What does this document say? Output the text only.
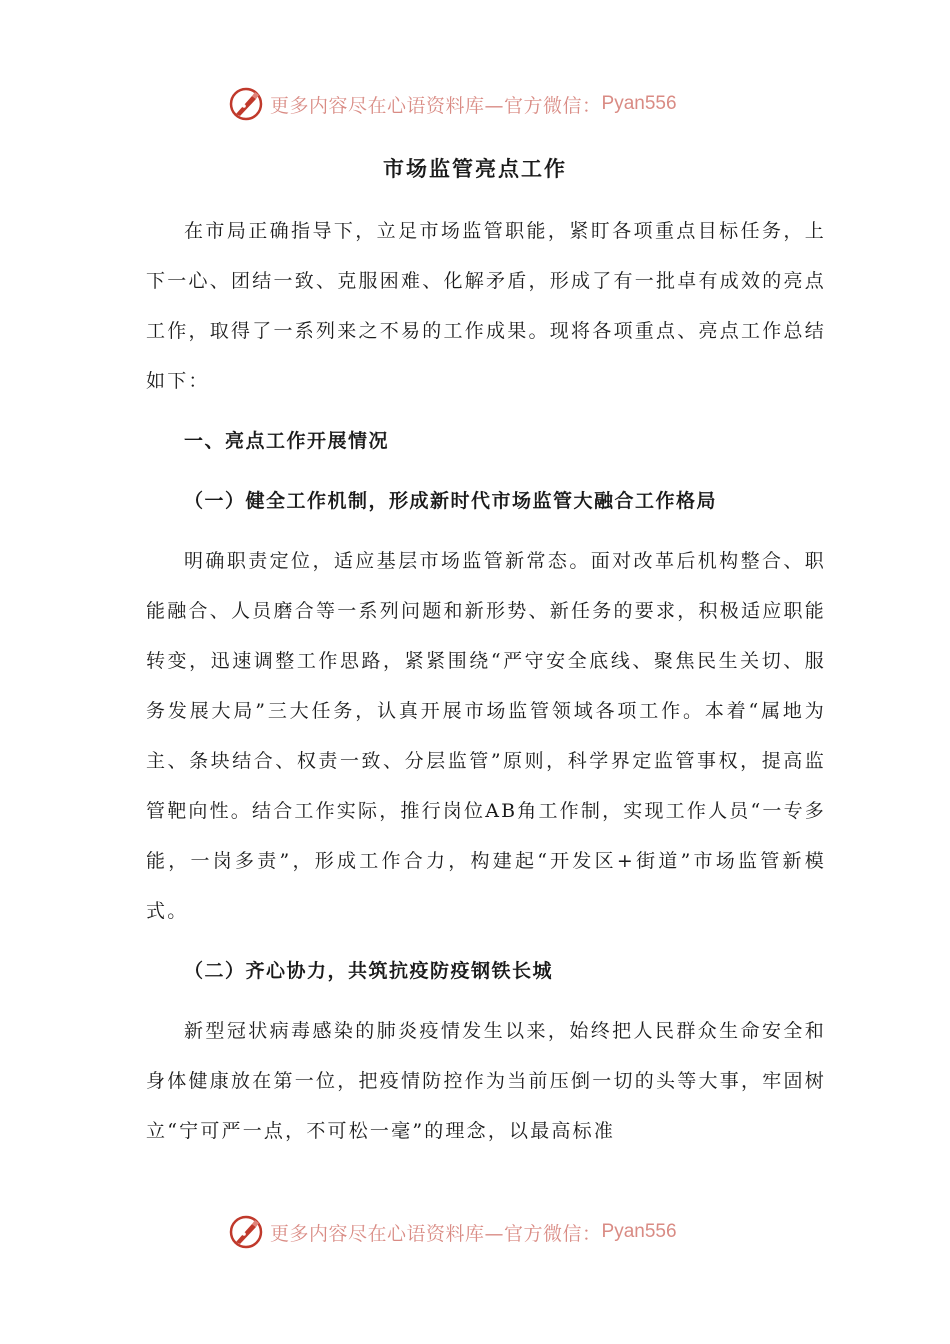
更多内容尽在心语资料库—官方微信： Pyan556
市场监管亮点工作

在市局正确指导下，立足市场监管职能，紧盯各项重点目标任务，上下一心、团结一致、克服困难、化解矛盾，形成了有一批卓有成效的亮点工作，取得了一系列来之不易的工作成果。现将各项重点、亮点工作总结如下：

一、亮点工作开展情况
（一）健全工作机制，形成新时代市场监管大融合工作格局

明确职责定位，适应基层市场监管新常态。面对改革后机构整合、职能融合、人员磨合等一系列问题和新形势、新任务的要求，积极适应职能转变，迅速调整工作思路，紧紧围绕“严守安全底线、聚焦民生关切、服务发展大局”三大任务，认真开展市场监管领域各项工作。本着“属地为主、条块结合、权责一致、分层监管”原则，科学界定监管事权，提高监管靶向性。结合工作实际，推行岗位AB角工作制，实现工作人员“一专多能，一岗多责”，形成工作合力，构建起“开发区+街道”市场监管新模式。

（二）齐心协力，共筑抗疫防疫钢铁长城

新型冠状病毒感染的肺炎疫情发生以来，始终把人民群众生命安全和身体健康放在第一位，把疫情防控作为当前压倒一切的头等大事，牢固树立“宁可严一点，不可松一毫”的理念，以最高标准

更多内容尽在心语资料库—官方微信： Pyan556
